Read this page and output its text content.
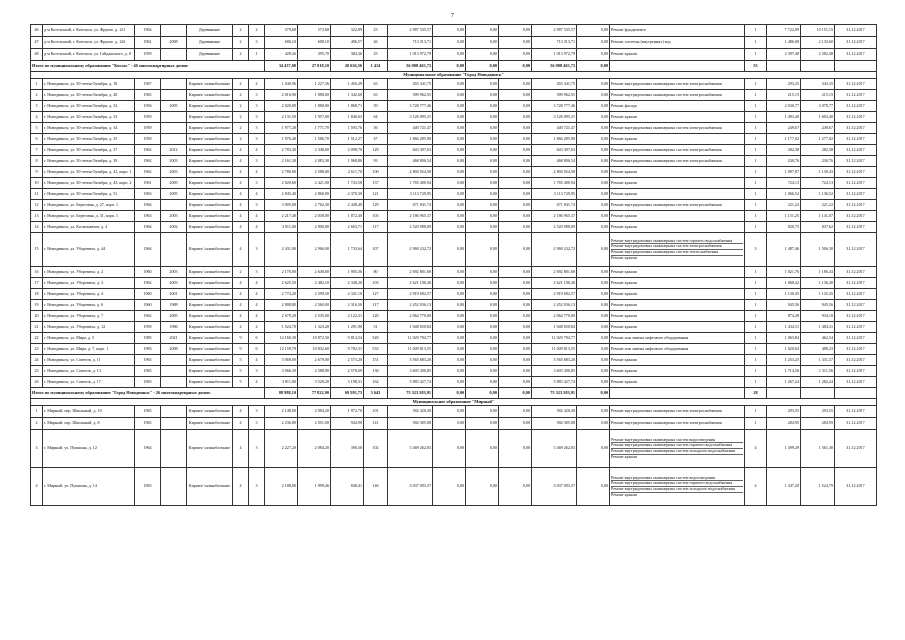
7
46	д-н Котельский, г. Котельск, ул. Фрунзе, д. 121	1964		Деревянные	2	2	579,68	573,68	322,89	23	2 987 535,57	0,00	0,00	0,00	2 987 535,57	0,00	Ремонт фундамента	1	7 722,09	10 151,15	31.12.2017
47	д-н Котельский, г. Котельск, ул. Фрунзе, д. 126	1961	2008	Деревянные	2	3	606,10	608,10	496,57	26	713 313,71	0,00	0,00	0,00	713 313,71	0,00	Ремонт системы (внутренних) вод	1	1 486,00	2 133,60	31.12.2017
48	д-н Котельский, г. Котельск, ул. Гайдашского, д. 8	1959		Деревянные	2	1	428,26	395,70	384,36	25	1 013 972,79	0,00	0,00	0,00	1 013 972,79	0,00	Ремонт крыши	1	2 397,48	2 582,48	31.12.2017
Итого по муниципальному образованию "Котлас" - 46 многоквартирных домов:							34 437,00	27 018,10	20 626,56	1 414	56 008 463,73	0,00	0,00	0,00	56 008 463,73	0,00		55			
Муниципальное образование "Город Новодвинск"																					
1	г. Новодвинск, ул. 50-летия Октября, д. 18	1967		Кирпич/ шлакоблочные	2	2	1 040,96	1 227,36	1 456,29	63	455 341,75	0,00	0,00	0,00	455 341,75	0,00	Ремонт внутридомовых инженерных систем электроснабжения	1	293,25	343,35	31.12.2017
2	г. Новодвинск, ул. 50-летия Октября, д. 28	1965		Кирпич/ шлакоблочные	2	3	2 016,90	1 888,00	1 342,60	63	399 962,55	0,00	0,00	0,00	399 962,55	0,00	Ремонт внутридомовых инженерных систем электроснабжения	1	215,15	215,15	31.12.2017
3	г. Новодвинск, ул. 50-летия Октября, д. 32	1956	2005	Кирпич/ шлакоблочные	2	3	2 020,00	1 880,00	1 868,71	59	3 728 777,46	0,00	0,00	0,00	3 728 777,46	0,00	Ремонт фасада	1	2 030,77	3 078,77	31.12.2017
4	г. Новодвинск, ул. 50-летия Октября, д. 33	1959		Кирпич/ шлакоблочные	2	3	2 131,50	1 957,00	1 846,63	64	3 126 095,31	0,00	0,00	0,00	3 126 095,31	0,00	Ремонт крыши	1	1 493,40	1 603,40	31.12.2017
5	г. Новодвинск, ул. 50-летия Октября, д. 34	1959		Кирпич/ шлакоблочные	2	3	1 977,20	1 771,70	1 593,76	56	440 721,47	0,00	0,00	0,00	440 721,47	0,00	Ремонт внутридомовых инженерных систем электроснабжения	1	249,67	249,67	31.12.2017
6	г. Новодвинск, ул. 50-летия Октября, д. 35	1959		Кирпич/ шлакоблочные	2	3	1 976,40	1 586,70	1 512,27	47	1 866 285,90	0,00	0,00	0,00	1 866 285,90	0,00	Ремонт крыши	1	1 177,02	1 277,02	31.12.2017
7	г. Новодвинск, ул. 50-летия Октября, д. 37	1962	2012	Кирпич/ шлакоблочные	4	4	2 783,30	2 348,00	2 098,70	129	643 397,63	0,00	0,00	0,00	643 397,63	0,00	Ремонт внутридомовых инженерных систем электроснабжения	1	282,38	282,38	31.12.2017
8	г. Новодвинск, ул. 50-летия Октября, д. 39	1962	2003	Кирпич/ шлакоблочные	4	3	2 161,30	2 083,30	1 968,80	93	468 806,54	0,00	0,00	0,00	468 806,54	0,00	Ремонт внутридомовых инженерных систем электроснабжения	1	230,76	230,76	31.12.2017
9	г. Новодвинск, ул. 50-летия Октября, д. 41, корп. 1	1962	2003	Кирпич/ шлакоблочные	4	4	2 780,00	2 588,00	2 611,70	100	2 804 924,58	0,00	0,00	0,00	2 804 924,58	0,00	Ремонт крыши	1	1 087,87	1 139,43	31.12.2017
10	г. Новодвинск, ул. 50-летия Октября, д. 43, корп. 2	1961	2005	Кирпич/ шлакоблочные	4	3	2 020,60	2 421,00	1 743,58	137	1 765 400,94	0,00	0,00	0,00	1 765 400,94	0,00	Ремонт крыши	1	724,13	724,13	31.12.2017
11	г. Новодвинск, ул. 50-летия Октября, д. 51	1963	2005	Кирпич/ шлакоблочные	4	4	2 845,40	2 860,00	2 370,30	121	3 113 729,95	0,00	0,00	0,00	3 113 729,95	0,00	Ремонт крыши	1	1 066,52	1 136,52	31.12.2017
12	г. Новодвинск, ул. Береговая, д. 27, корп. 1	1964		Кирпич/ шлакоблочные	4	3	3 005,00	2 762,30	2 448,40	129	671 841,74	0,00	0,00	0,00	671 841,74	0,00	Ремонт внутридомовых инженерных систем электроснабжения	1	221,22	221,22	31.12.2017
13	г. Новодвинск, ул. Береговая, д. 31, корп. 1	1963	2005	Кирпич/ шлакоблочные	4	4	2 217,40	2 038,00	1 872,40	103	2 186 965,37	0,00	0,00	0,00	2 186 965,37	0,00	Ремонт крыши	1	1 151,25	1 141,07	31.12.2017
14	г. Новодвинск, ул. Космонавтов, д. 4	1964	2002	Кирпич/ шлакоблочные	4	4	3 011,00	2 800,00	2 663,71	117	2 520 988,09	0,00	0,00	0,00	2 520 988,09	0,00	Ремонт крыши	1	820,75	837,62	31.12.2017
15	г. Новодвинск, ул. Уборевича, д. 44	1964		Кирпич/ шлакоблочные	4	3	2 431,00	2 966,00	1 733,64	107	2 969 232,72	0,00	0,00	0,00	2 969 232,72	0,00	Ремонт внутридомовых инженерных систем горячего водоснабжения
Ремонт внутридомовых инженерных систем электроснабжения
Ремонт внутридомовых инженерных систем теплоснабжения
Ремонт крыши	3	1 487,46	1 506,30	31.12.2017
16	г. Новодвинск, ул. Уборевича, д. 2	1960	2003	Кирпич/ шлакоблочные	2	3	2 170,00	2 648,00	1 905,36	80	2 692 801,60	0,00	0,00	0,00	2 692 801,60	0,00	Ремонт крыши	1	1 021,76	1 186,43	31.12.2017
17	г. Новодвинск, ул. Уборевича, д. 3	1962	2003	Кирпич/ шлакоблочные	4	4	2 625,50	2 482,10	2 348,20	103	2 621 100,26	0,00	0,00	0,00	2 621 100,26	0,00	Ремонт крыши	1	1 060,42	1 136,40	31.12.2017
18	г. Новодвинск, ул. Уборевича, д. 4	1960	2001	Кирпич/ шлакоблочные	4	4	2 774,20	2 599,50	2 341,10	127	2 919 682,57	0,00	0,00	0,00	2 919 682,57	0,00	Ремонт крыши	1	1 130,45	1 135,45	31.12.2017
19	г. Новодвинск, ул. Уборевича, д. 6	1960	1988	Кирпич/ шлакоблочные	4	4	2 808,80	2 560,00	2 316,30	117	2 452 036,13	0,00	0,00	0,00	2 452 036,13	0,00	Ремонт крыши	1	945,56	945,56	31.12.2017
20	г. Новодвинск, ул. Уборевича, д. 7	1962	2005	Кирпич/ шлакоблочные	4	4	2 679,20	2 535,00	2 122,31	120	2 064 770,00	0,00	0,00	0,00	2 064 770,00	0,00	Ремонт крыши	1	874,28	934,18	31.12.2017
21	г. Новодвинск, ул. Уборевича, д. 12	1959	1986	Кирпич/ шлакоблочные	2	2	1 524,70	1 323,20	1 291,90	51	1 948 650,84	0,00	0,00	0,00	1 948 650,84	0,00	Ремонт крыши	1	1 434,51	1 484,31	31.12.2017
22	г. Новодвинск, ул. Мира, д. 5	1985	2021	Кирпич/ шлакоблочные	9	6	12 160,30	10 872,50	9 814,54	549	11 029 794,77	0,00	0,00	0,00	11 029 794,77	0,00	Ремонт или замена лифтового оборудования	1	1 063,84	462,54	31.12.2017
23	г. Новодвинск, ул. Мира, д. 7, корп. 1	1983	2008	Кирпич/ шлакоблочные	9	6	12 159,79	10 832,60	9 782,31	533	11 049 813,55	0,00	0,00	0,00	11 049 813,55	0,00	Ремонт или замена лифтового оборудования	1	1 020,04	488,23	31.12.2017
24	г. Новодвинск, ул. Советов, д. 11	1965		Кирпич/ шлакоблочные	5	4	3 069,00	2 679,00	2 573,20	151	3 565 683,26	0,00	0,00	0,00	3 565 683,26	0,00	Ремонт крыши	1	1 253,25	1 331,37	31.12.2017
25	г. Новодвинск, ул. Советов, д. 13	1965		Кирпич/ шлакоблочные	5	3	3 066,30	2 588,90	2 578,69	130	3 603 306,85	0,00	0,00	0,00	3 603 306,85	0,00	Ремонт крыши	1	1 714,56	1 311,56	31.12.2017
26	г. Новодвинск, ул. Советов, д. 17	1965		Кирпич/ шлакоблочные	5	4	3 811,00	3 528,20	3 198,31	162	3 883 427,74	0,00	0,00	0,00	3 883 427,74	0,00	Ремонт крыши	1	1 267,24	1 282,24	31.12.2017
Итого по муниципальному образованию "Город Новодвинск" - 26 многоквартирных домов:							88 988,10	77 822,90	69 595,73	3 643	75 323 503,91	0,00	0,00	0,00	75 323 503,91	0,00		28			
Муниципальное образование "Мирный"																					
1	г. Мирный, пер. Школьный, д. 10	1965		Кирпич/ шлакоблочные	4	3	2 148,00	2 084,20	1 972,70	101	582 420,49	0,00	0,00	0,00	582 420,49	0,00	Ремонт внутридомовых инженерных систем электроснабжения	1	293,55	293,55	31.12.2017
2	г. Мирный, пер. Школьный, д. 8	1965		Кирпич/ шлакоблочные	4	3	2 236,80	2 051,00	944,90	141	584 305,08	0,00	0,00	0,00	584 305,08	0,00	Ремонт внутридомовых инженерных систем электроснабжения	1	284,95	284,95	31.12.2017
3	г. Мирный, ул. Пушкина, д. 12	1964		Кирпич/ шлакоблочные	4	3	2 227,20	2 084,20	396,50	102	3 469 262,83	0,00	0,00	0,00	3 469 262,83	0,00	Ремонт внутридомовых инженерных систем водоотведения
Ремонт внутридомовых инженерных систем горячего водоснабжения
Ремонт внутридомовых инженерных систем холодного водоснабжения
Ремонт крыши	4	1 399,29	1 561,40	31.12.2017
4	г. Мирный, ул. Пушкина, д. 14	1965		Кирпич/ шлакоблочные	4	3	2 188,00	1 999,46	848,41	146	3 037 093,37	0,00	0,00	0,00	3 037 093,37	0,00	Ремонт внутридомовых инженерных систем водоотведения
Ремонт внутридомовых инженерных систем горячего водоснабжения
Ремонт внутридомовых инженерных систем холодного водоснабжения
Ремонт крыши	4	1 347,20	1 524,79	31.12.2017
